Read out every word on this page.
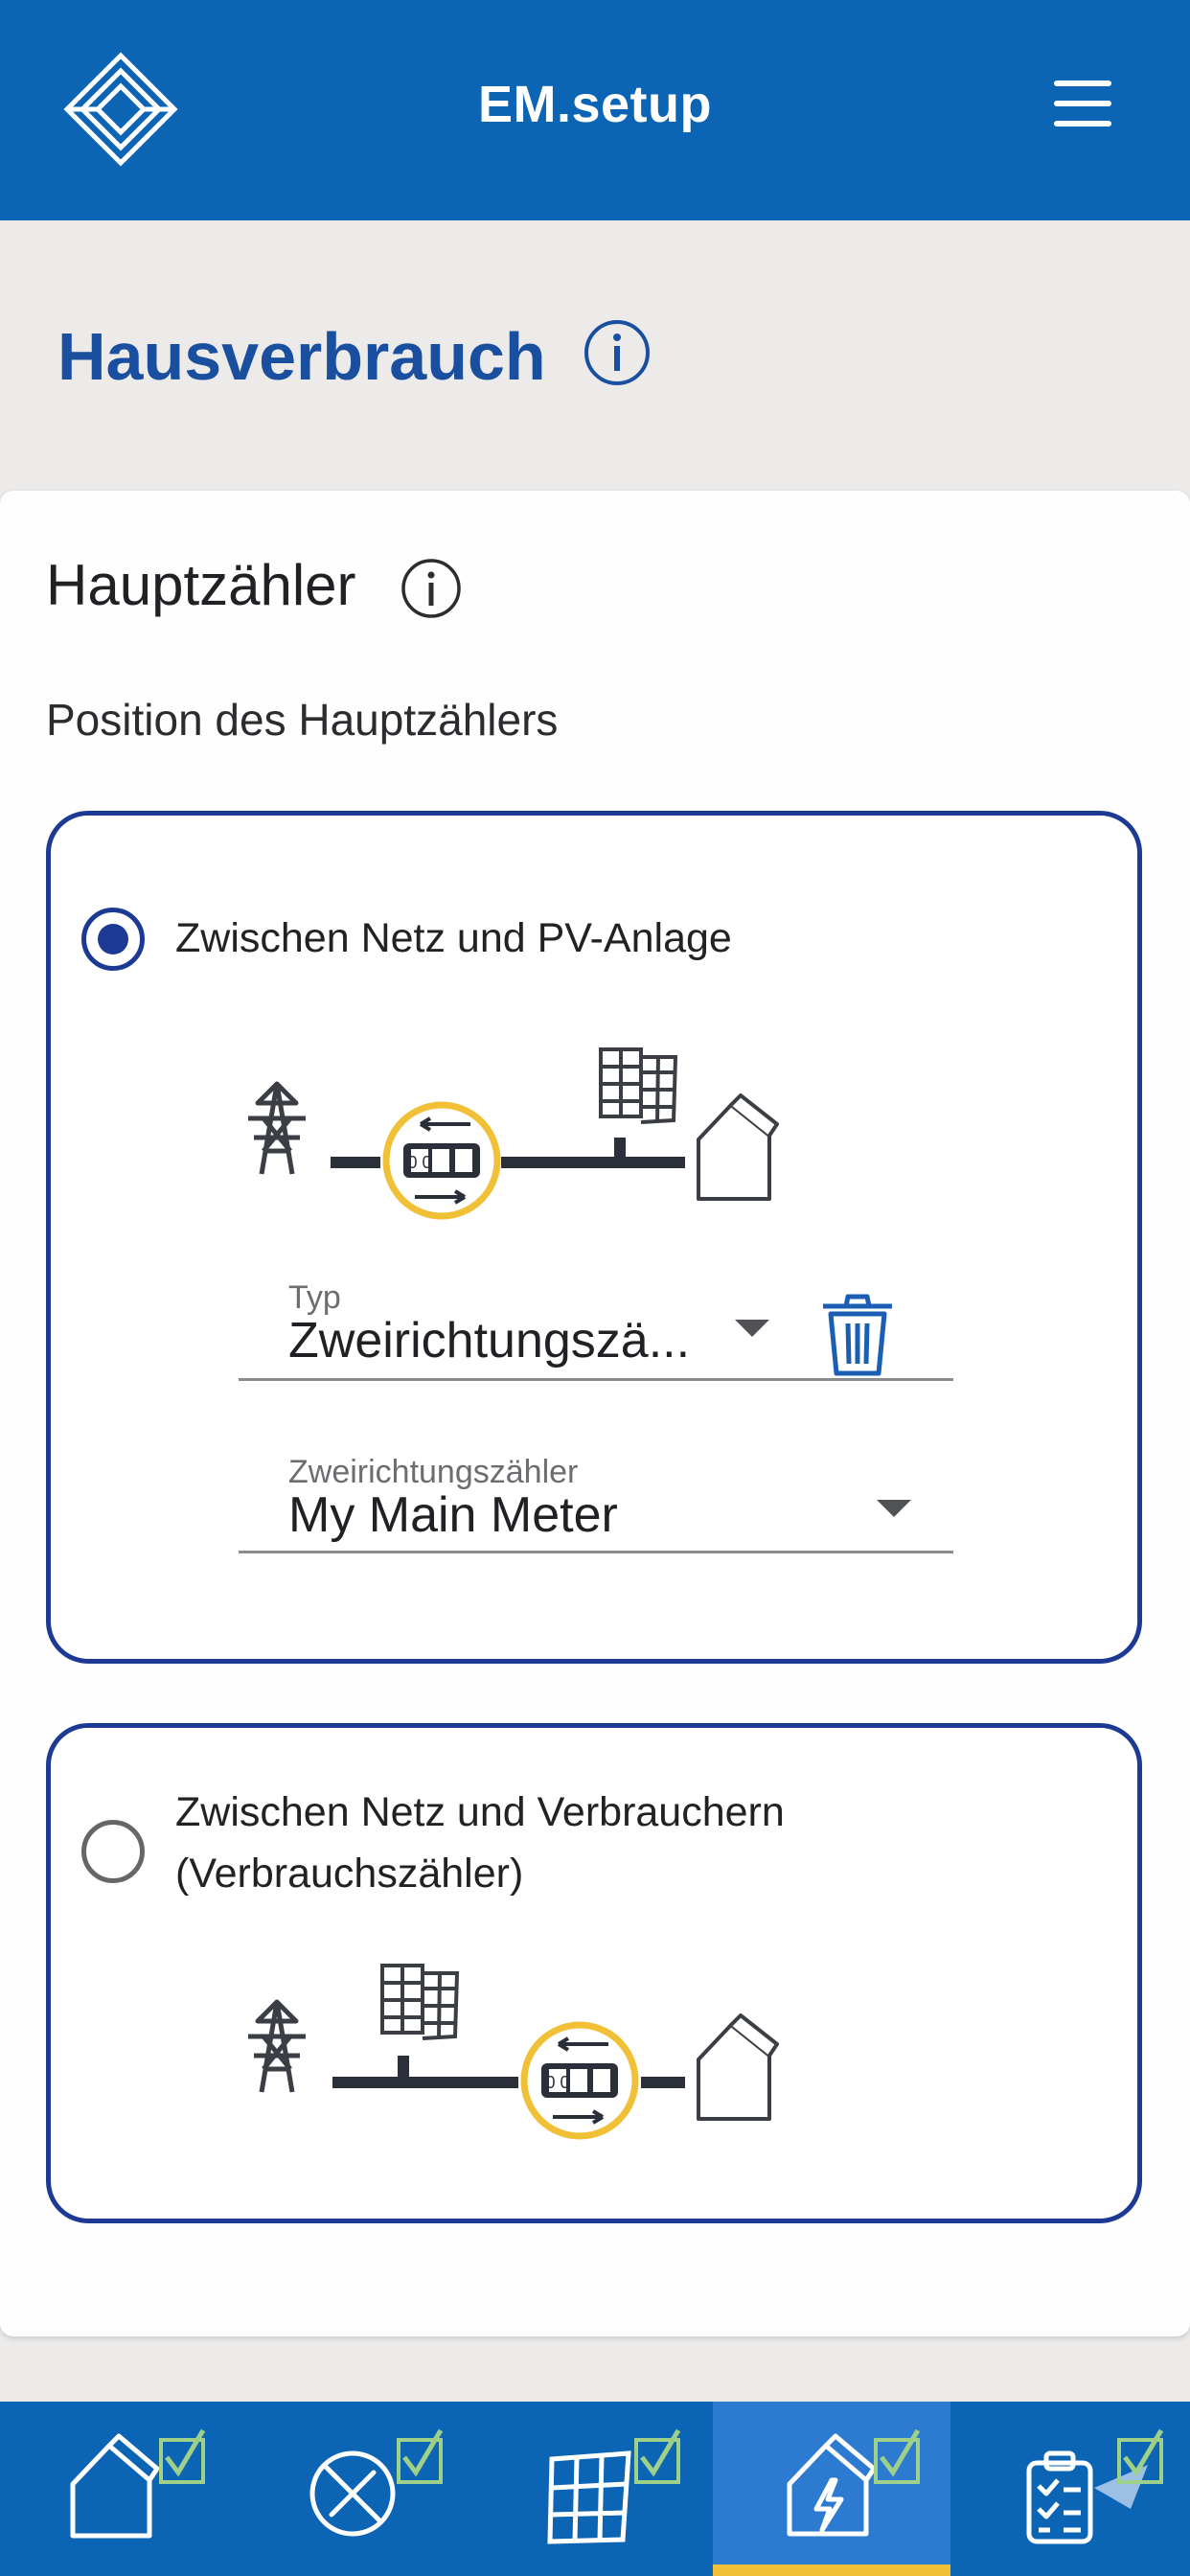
EM.setup
Hausverbrauch
Hauptzähler
Position des Hauptzählers
Zwischen Netz und PV-Anlage
0 0
Typ
Zweirichtungszä...
Zweirichtungszähler
My Main Meter
Zwischen Netz und Verbrauchern
(Verbrauchszähler)
0 0
